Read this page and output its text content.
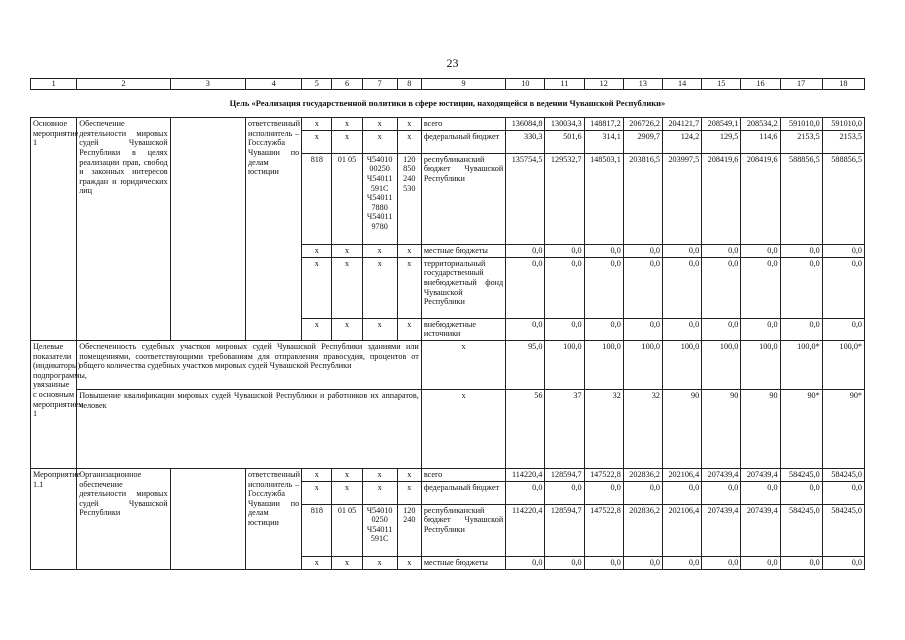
23
1	2	3	4	5	6	7	8	9	10	11	12	13	14	15	16	17	18
Цель «Реализация государственной политики в сфере юстиции, находящейся в ведении Чувашской Республики»																	
Основное мероприятие 1	Обеспечение деятельности мировых судей Чувашской Республики в целях реализации прав, свобод и законных интересов граждан и юридических лиц		ответственный исполнитель – Госслужба Чувашии по делам юстиции	x	x	x	x	всего	136084,8	130034,3	148817,2	206726,2	204121,7	208549,1	208534,2	591010,0	591010,0
				x	x	x	x	федеральный бюджет	330,3	501,6	314,1	2909,7	124,2	129,5	114,6	2153,5	2153,5
				818	01 05	Ч54010 00250 Ч54011 591С Ч54011 7880 Ч54011 9780	120 850 240 530	республиканский бюджет Чувашской Республики	135754,5	129532,7	148503,1	203816,5	203997,5	208419,6	208419,6	588856,5	588856,5
				x	x	x	x	местные бюджеты	0,0	0,0	0,0	0,0	0,0	0,0	0,0	0,0	0,0
				x	x	x	x	территориальный государственный внебюджетный фонд Чувашской Республики	0,0	0,0	0,0	0,0	0,0	0,0	0,0	0,0	0,0
				x	x	x	x	внебюджетные источники	0,0	0,0	0,0	0,0	0,0	0,0	0,0	0,0	0,0
Целевые показатели (индикаторы) подпрограммы, увязанные с основным мероприятием 1	Обеспеченность судебных участков мировых судей Чувашской Республики зданиями или помещениями, соответствующими требованиям для отправления правосудия, процентов от общего количества судебных участков мировых судей Чувашской Республики							x	95,0	100,0	100,0	100,0	100,0	100,0	100,0	100,0*	100,0*
	Повышение квалификации мировых судей Чувашской Республики и работников их аппаратов, человек							x	56	37	32	32	90	90	90	90*	90*
Мероприятие 1.1	Организационное обеспечение деятельности мировых судей Чувашской Республики		ответственный исполнитель – Госслужба Чувашии по делам юстиции	x	x	x	x	всего	114220,4	128594,7	147522,8	202836,2	202106,4	207439,4	207439,4	584245,0	584245,0
				x	x	x	x	федеральный бюджет	0,0	0,0	0,0	0,0	0,0	0,0	0,0	0,0	0,0
				818	01 05	Ч54010 0250 Ч54011 591С	120 240	республиканский бюджет Чувашской Республики	114220,4	128594,7	147522,8	202836,2	202106,4	207439,4	207439,4	584245,0	584245,0
				x	x	x	x	местные бюджеты	0,0	0,0	0,0	0,0	0,0	0,0	0,0	0,0	0,0
